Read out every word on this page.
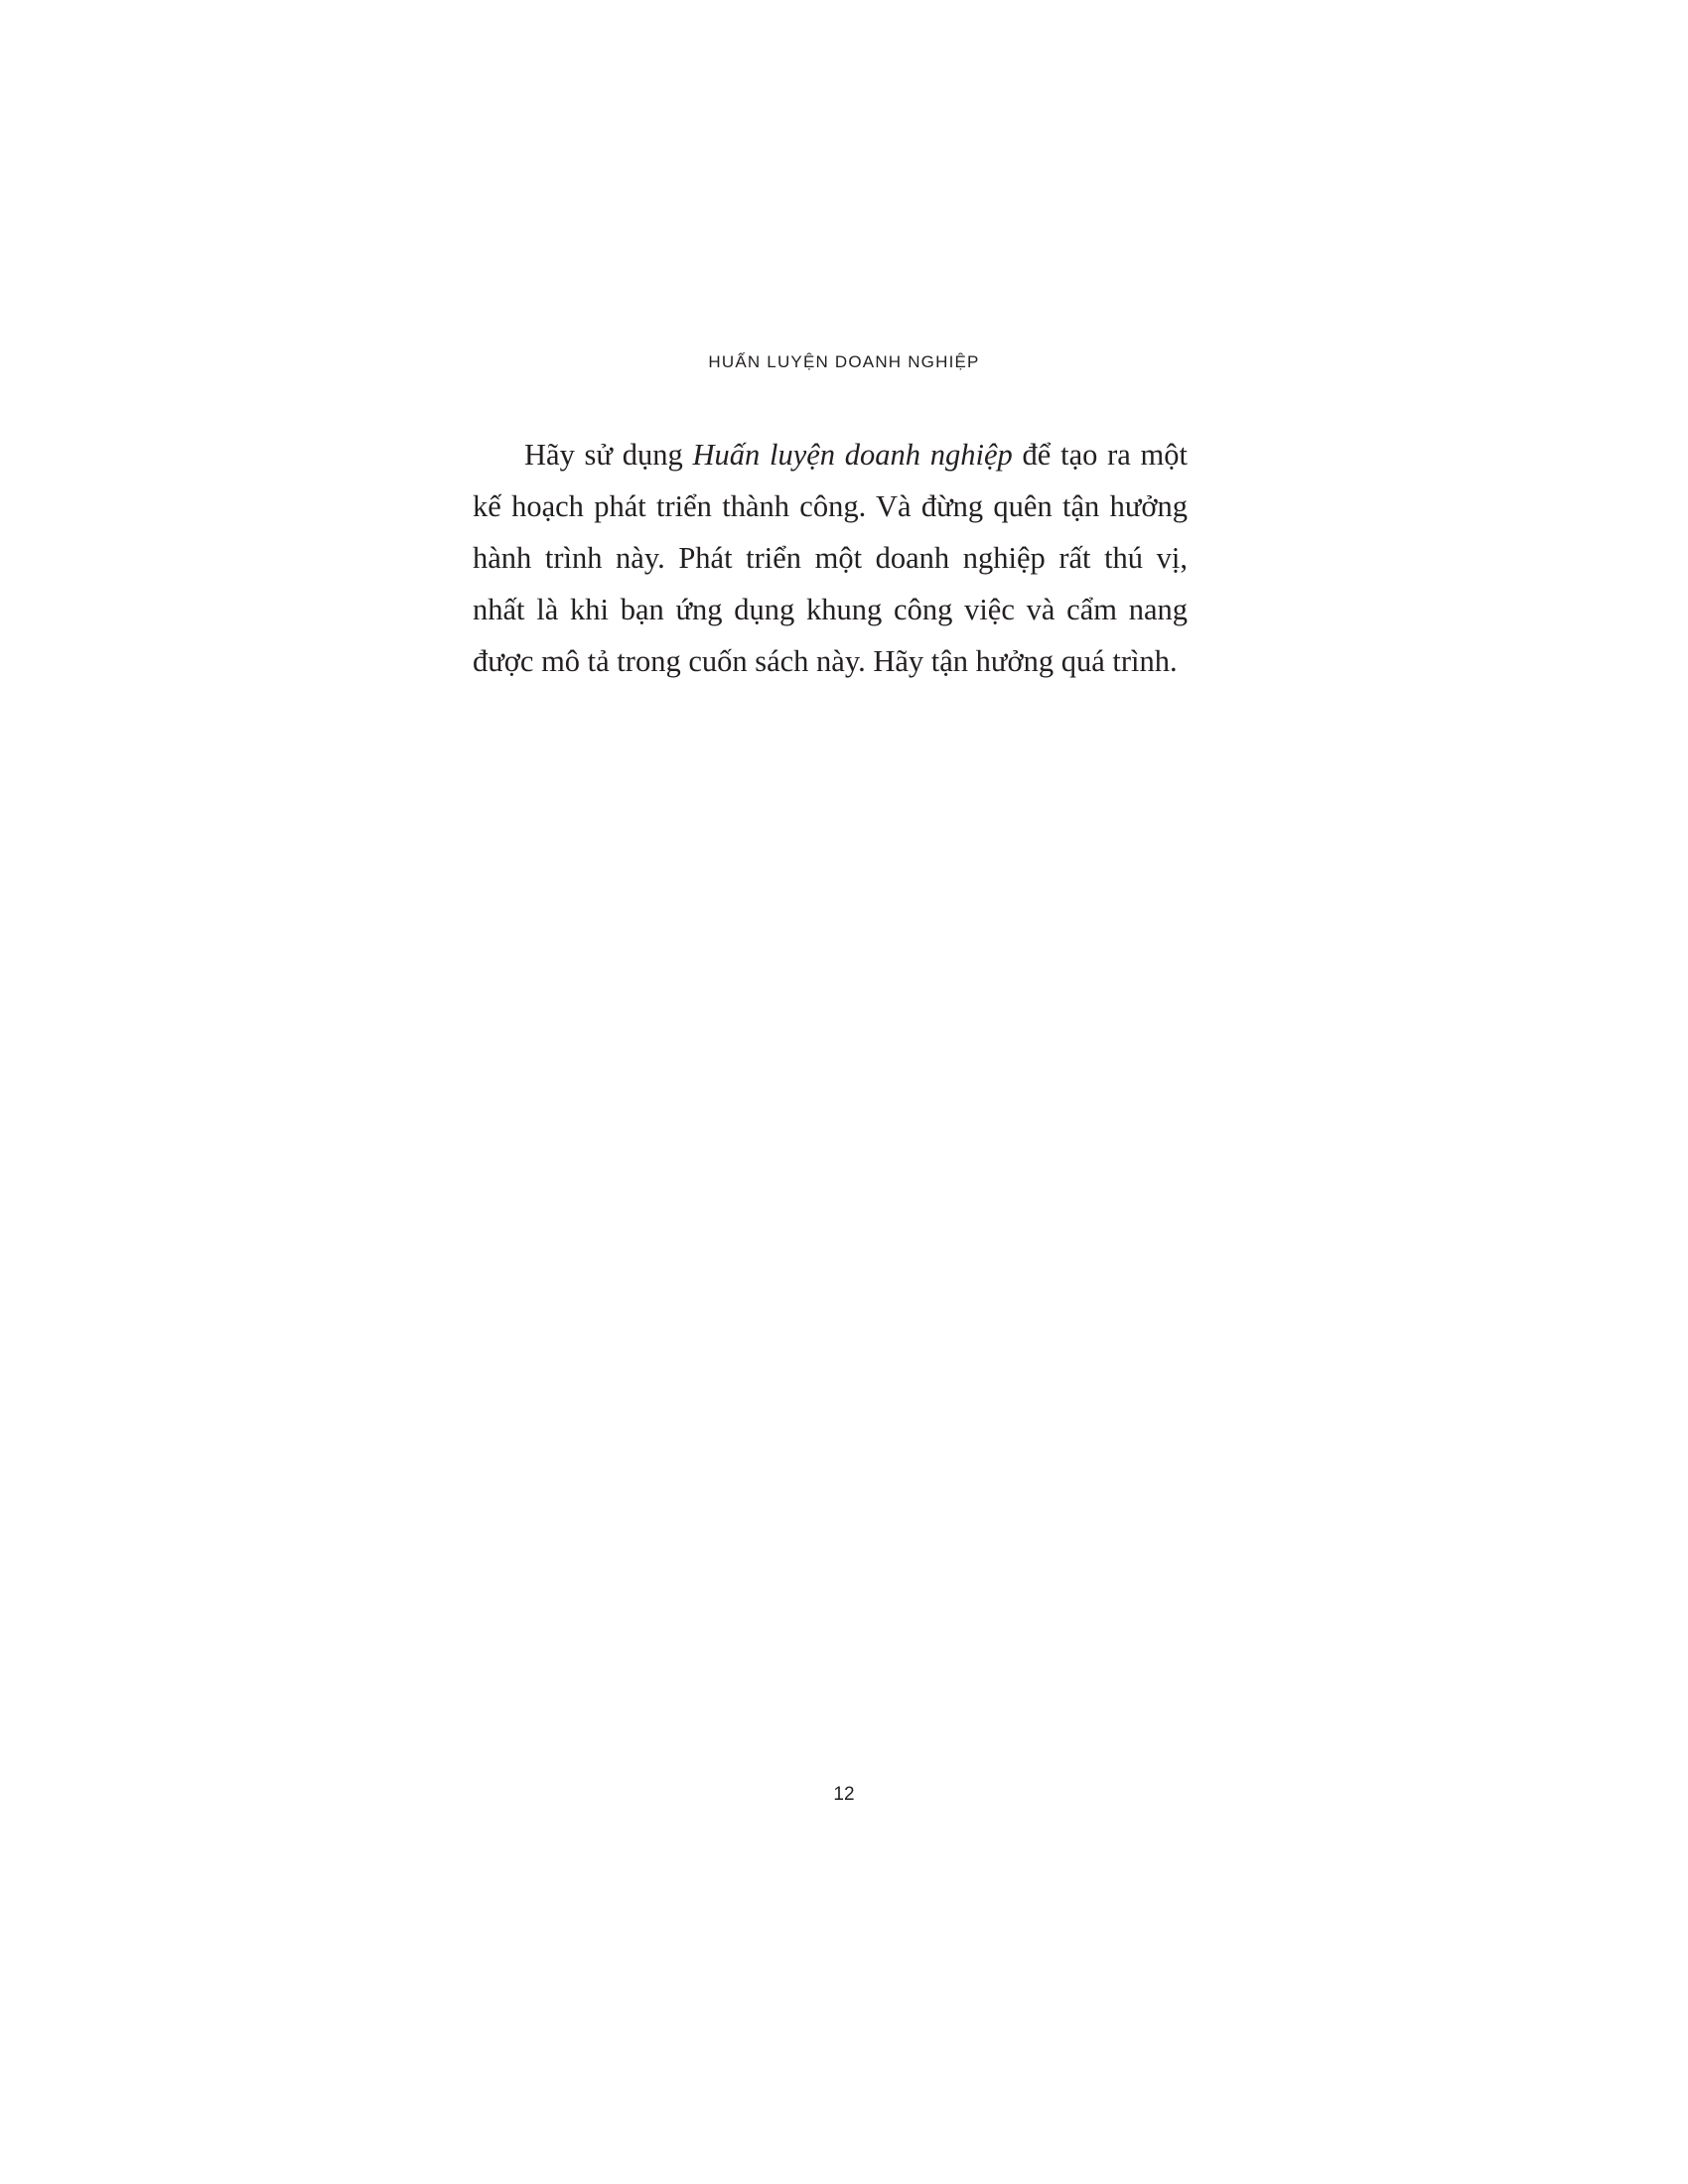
HUẤN LUYỆN DOANH NGHIỆP

Hãy sử dụng Huấn luyện doanh nghiệp để tạo ra một kế hoạch phát triển thành công. Và đừng quên tận hưởng hành trình này. Phát triển một doanh nghiệp rất thú vị, nhất là khi bạn ứng dụng khung công việc và cẩm nang được mô tả trong cuốn sách này. Hãy tận hưởng quá trình.

12
